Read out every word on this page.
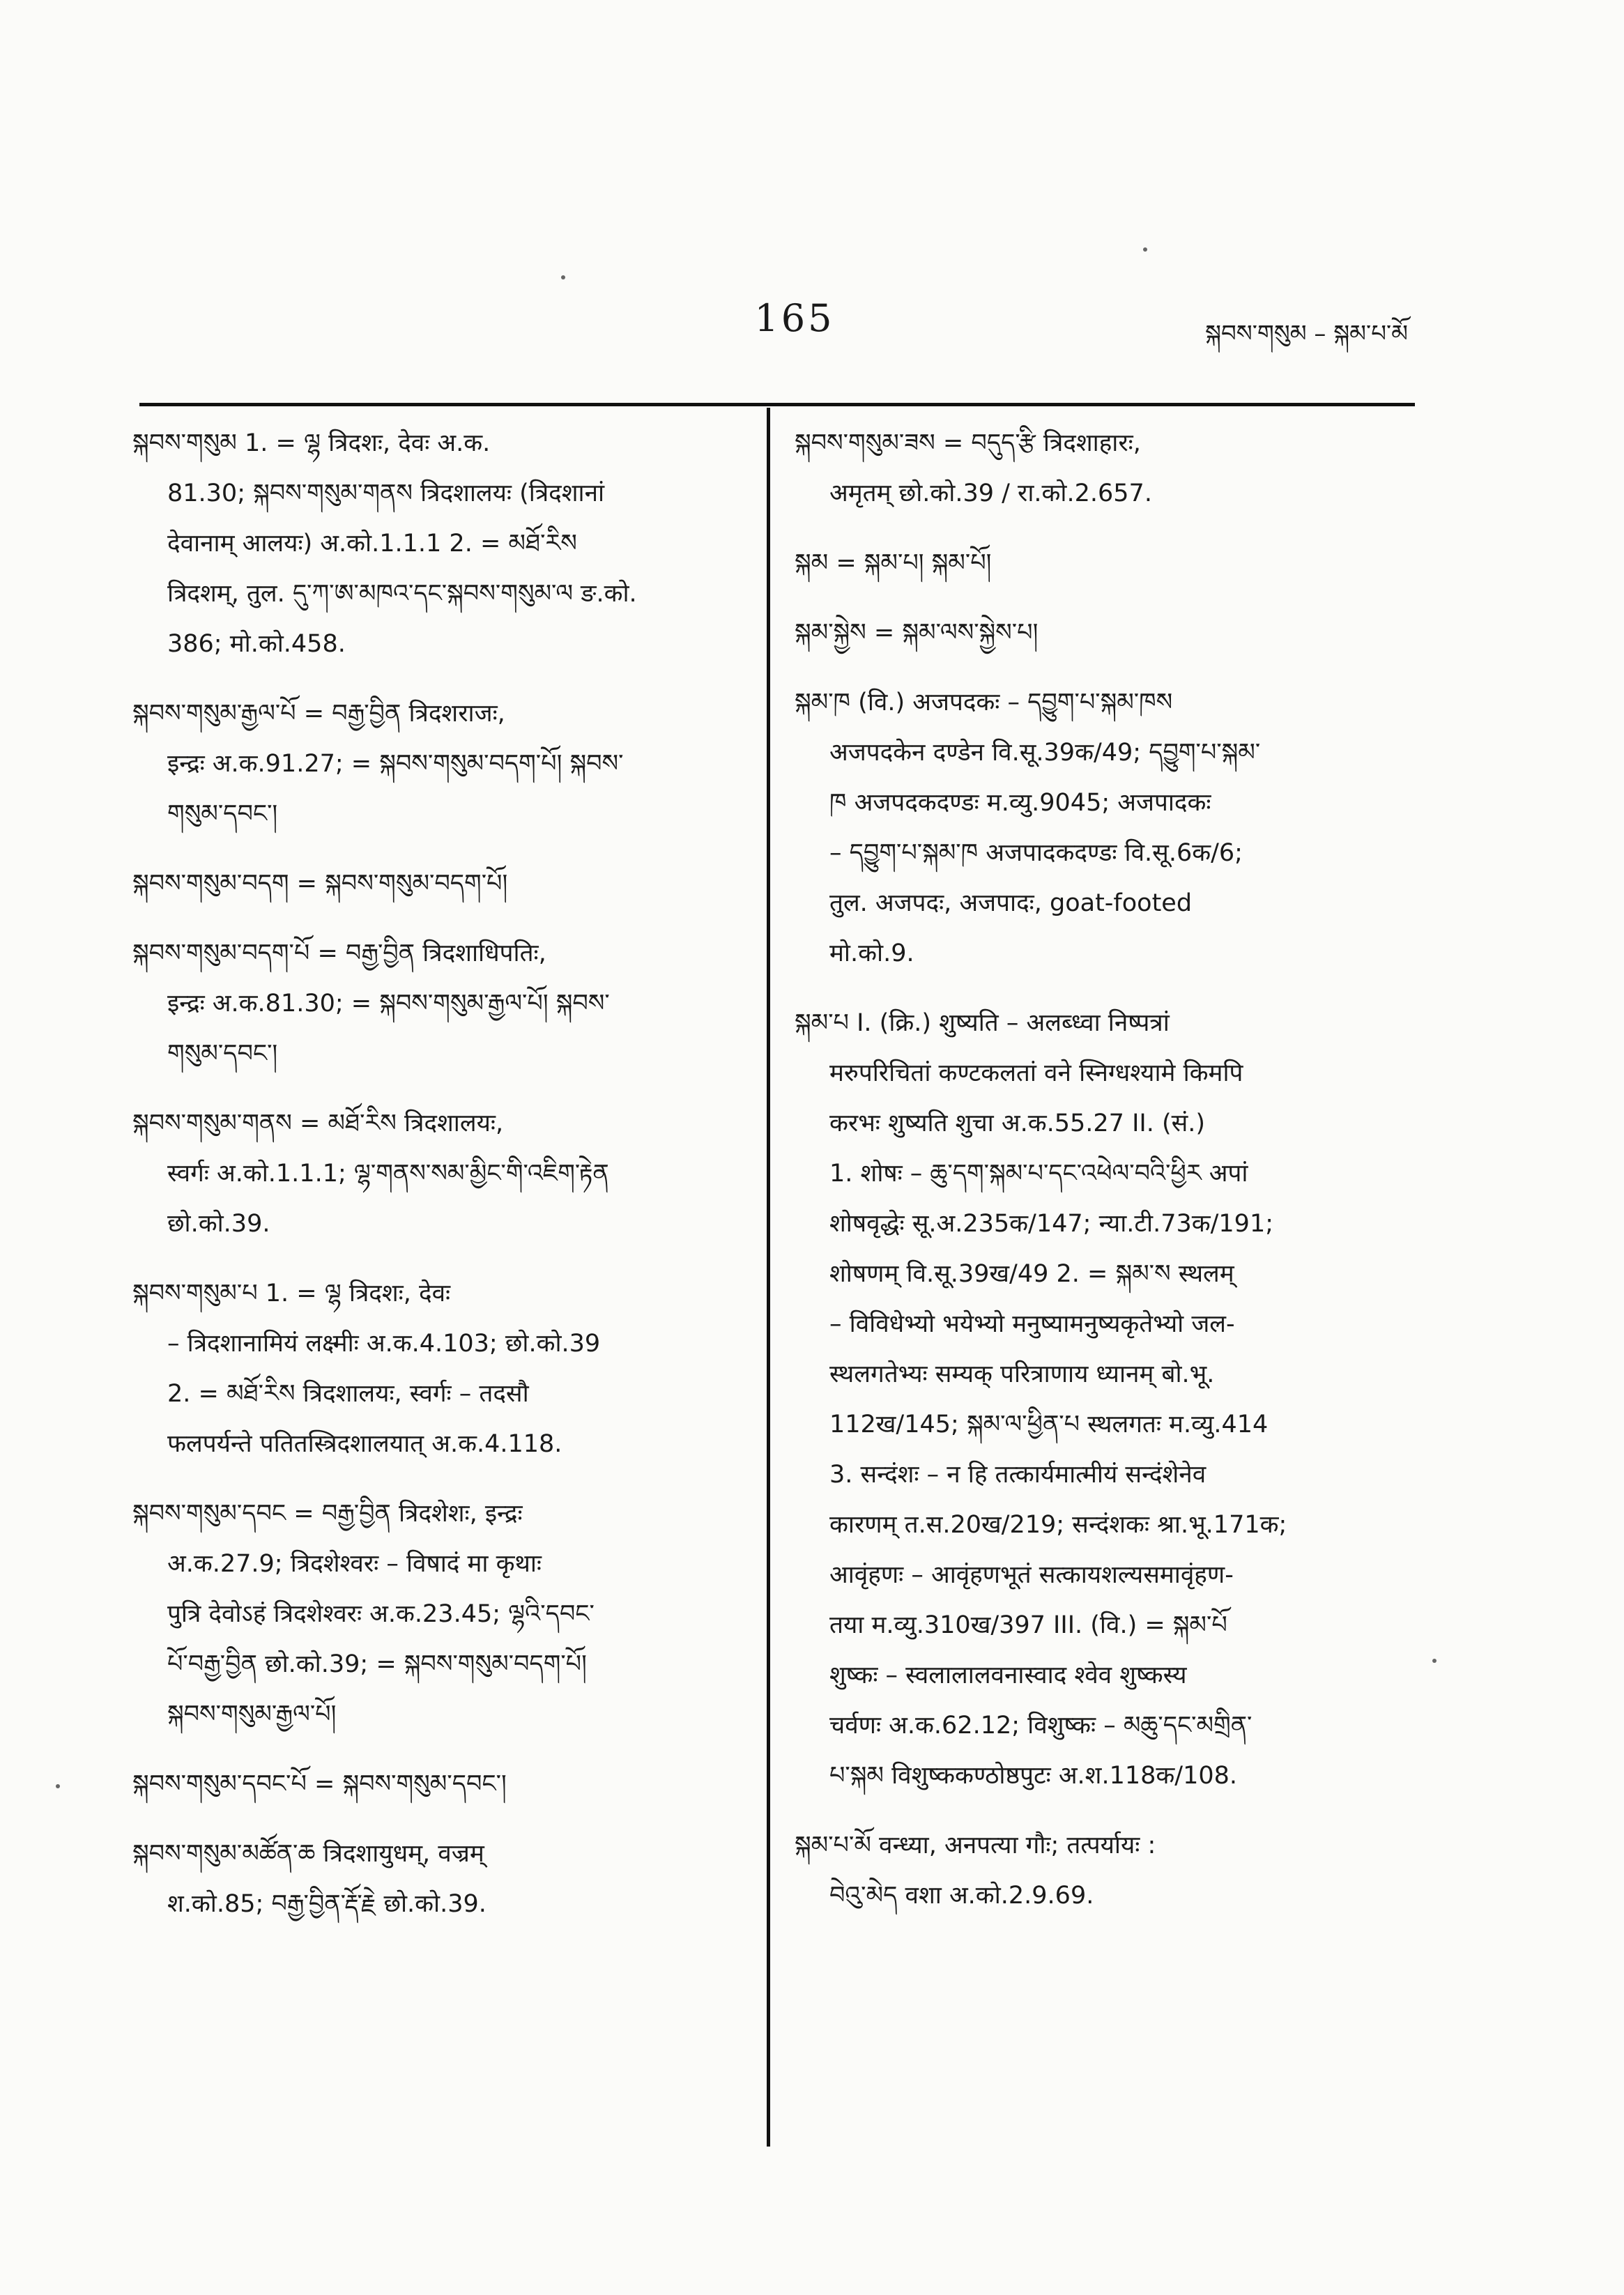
165	སྐབས་གསུམ – སྐམ་པ་མོ
སྐབས་གསུམ 1. = ལྷ त्रिदशः, देवः अ.क.
81.30; སྐབས་གསུམ་གནས त्रिदशालयः (त्रिदशानां
देवानाम् आलयः) अ.को.1.1.1 2. = མཐོ་རིས
त्रिदशम्, तुल. དུ་ཀ་ཨ་མཁའ་དང་སྐབས་གསུམ་ལ ङ.को.
386; मो.को.458.
སྐབས་གསུམ་རྒྱལ་པོ = བརྒྱ་བྱིན त्रिदशराजः,
इन्द्रः अ.क.91.27; = སྐབས་གསུམ་བདག་པོ། སྐབས་
གསུམ་དབང་།
སྐབས་གསུམ་བདག = སྐབས་གསུམ་བདག་པོ།
སྐབས་གསུམ་བདག་པོ = བརྒྱ་བྱིན त्रिदशाधिपतिः,
इन्द्रः अ.क.81.30; = སྐབས་གསུམ་རྒྱལ་པོ། སྐབས་
གསུམ་དབང་།
སྐབས་གསུམ་གནས = མཐོ་རིས त्रिदशालयः,
स्वर्गः अ.को.1.1.1; ལྷ་གནས་སམ་མྱིང་གི་འཇིག་རྟེན
छो.को.39.
སྐབས་གསུམ་པ 1. = ལྷ त्रिदशः, देवः
– त्रिदशानामियं लक्ष्मीः अ.क.4.103; छो.को.39
2. = མཐོ་རིས त्रिदशालयः, स्वर्गः – तदसौ
फलपर्यन्ते पतितस्त्रिदशालयात् अ.क.4.118.
སྐབས་གསུམ་དབང = བརྒྱ་བྱིན त्रिदशेशः, इन्द्रः
अ.क.27.9; त्रिदशेश्वरः – विषादं मा कृथाः
पुत्रि देवोऽहं त्रिदशेश्वरः अ.क.23.45; ལྷའི་དབང་
པོ་བརྒྱ་བྱིན छो.को.39; = སྐབས་གསུམ་བདག་པོ།
སྐབས་གསུམ་རྒྱལ་པོ།
སྐབས་གསུམ་དབང་པོ = སྐབས་གསུམ་དབང་།
སྐབས་གསུམ་མཚོན་ཆ त्रिदशायुधम्, वज्रम्
श.को.85; བརྒྱ་བྱིན་རྡོ་རྗེ छो.को.39.
སྐབས་གསུམ་ཟས = བདུད་རྩི त्रिदशाहारः,
अमृतम् छो.को.39 / रा.को.2.657.
སྐམ = སྐམ་པ། སྐམ་པོ།
སྐམ་སྐྱེས = སྐམ་ལས་སྐྱེས་པ།
སྐམ་ཁ (वि.) अजपदकः – དབྱུག་པ་སྐམ་ཁས
अजपदकेन दण्डेन वि.सू.39क/49; དབྱུག་པ་སྐམ་
ཁ अजपदकदण्डः म.व्यु.9045; अजपादकः
– དབྱུག་པ་སྐམ་ཁ अजपादकदण्डः वि.सू.6क/6;
तुल. अजपदः, अजपादः, goat-footed
मो.को.9.
སྐམ་པ I. (क्रि.) शुष्यति – अलब्ध्वा निष्पत्रां
मरुपरिचितां कण्टकलतां वने स्निग्धश्यामे किमपि
करभः शुष्यति शुचा अ.क.55.27 II. (सं.)
1. शोषः – ཆུ་དག་སྐམ་པ་དང་འཕེལ་བའི་ཕྱིར अपां
शोषवृद्धेः सू.अ.235क/147; न्या.टी.73क/191;
शोषणम् वि.सू.39ख/49 2. = སྐམ་ས स्थलम्
– विविधेभ्यो भयेभ्यो मनुष्यामनुष्यकृतेभ्यो जल-
स्थलगतेभ्यः सम्यक् परित्राणाय ध्यानम् बो.भू.
112ख/145; སྐམ་ལ་ཕྱིན་པ स्थलगतः म.व्यु.414
3. सन्दंशः – न हि तत्कार्यमात्मीयं सन्दंशेनेव
कारणम् त.स.20ख/219; सन्दंशकः श्रा.भू.171क;
आवृंहणः – आवृंहणभूतं सत्कायशल्यसमावृंहण-
तया म.व्यु.310ख/397 III. (वि.) = སྐམ་པོ
शुष्कः – स्वलालालवनास्वाद श्वेव शुष्कस्य
चर्वणः अ.क.62.12; विशुष्कः – མཆུ་དང་མགྲིན་
པ་སྐམ विशुष्ककण्ठोष्ठपुटः अ.श.118क/108.
སྐམ་པ་མོ वन्ध्या, अनपत्या गौः; तत्पर्यायः :
བེའུ་མེད वशा अ.को.2.9.69.
